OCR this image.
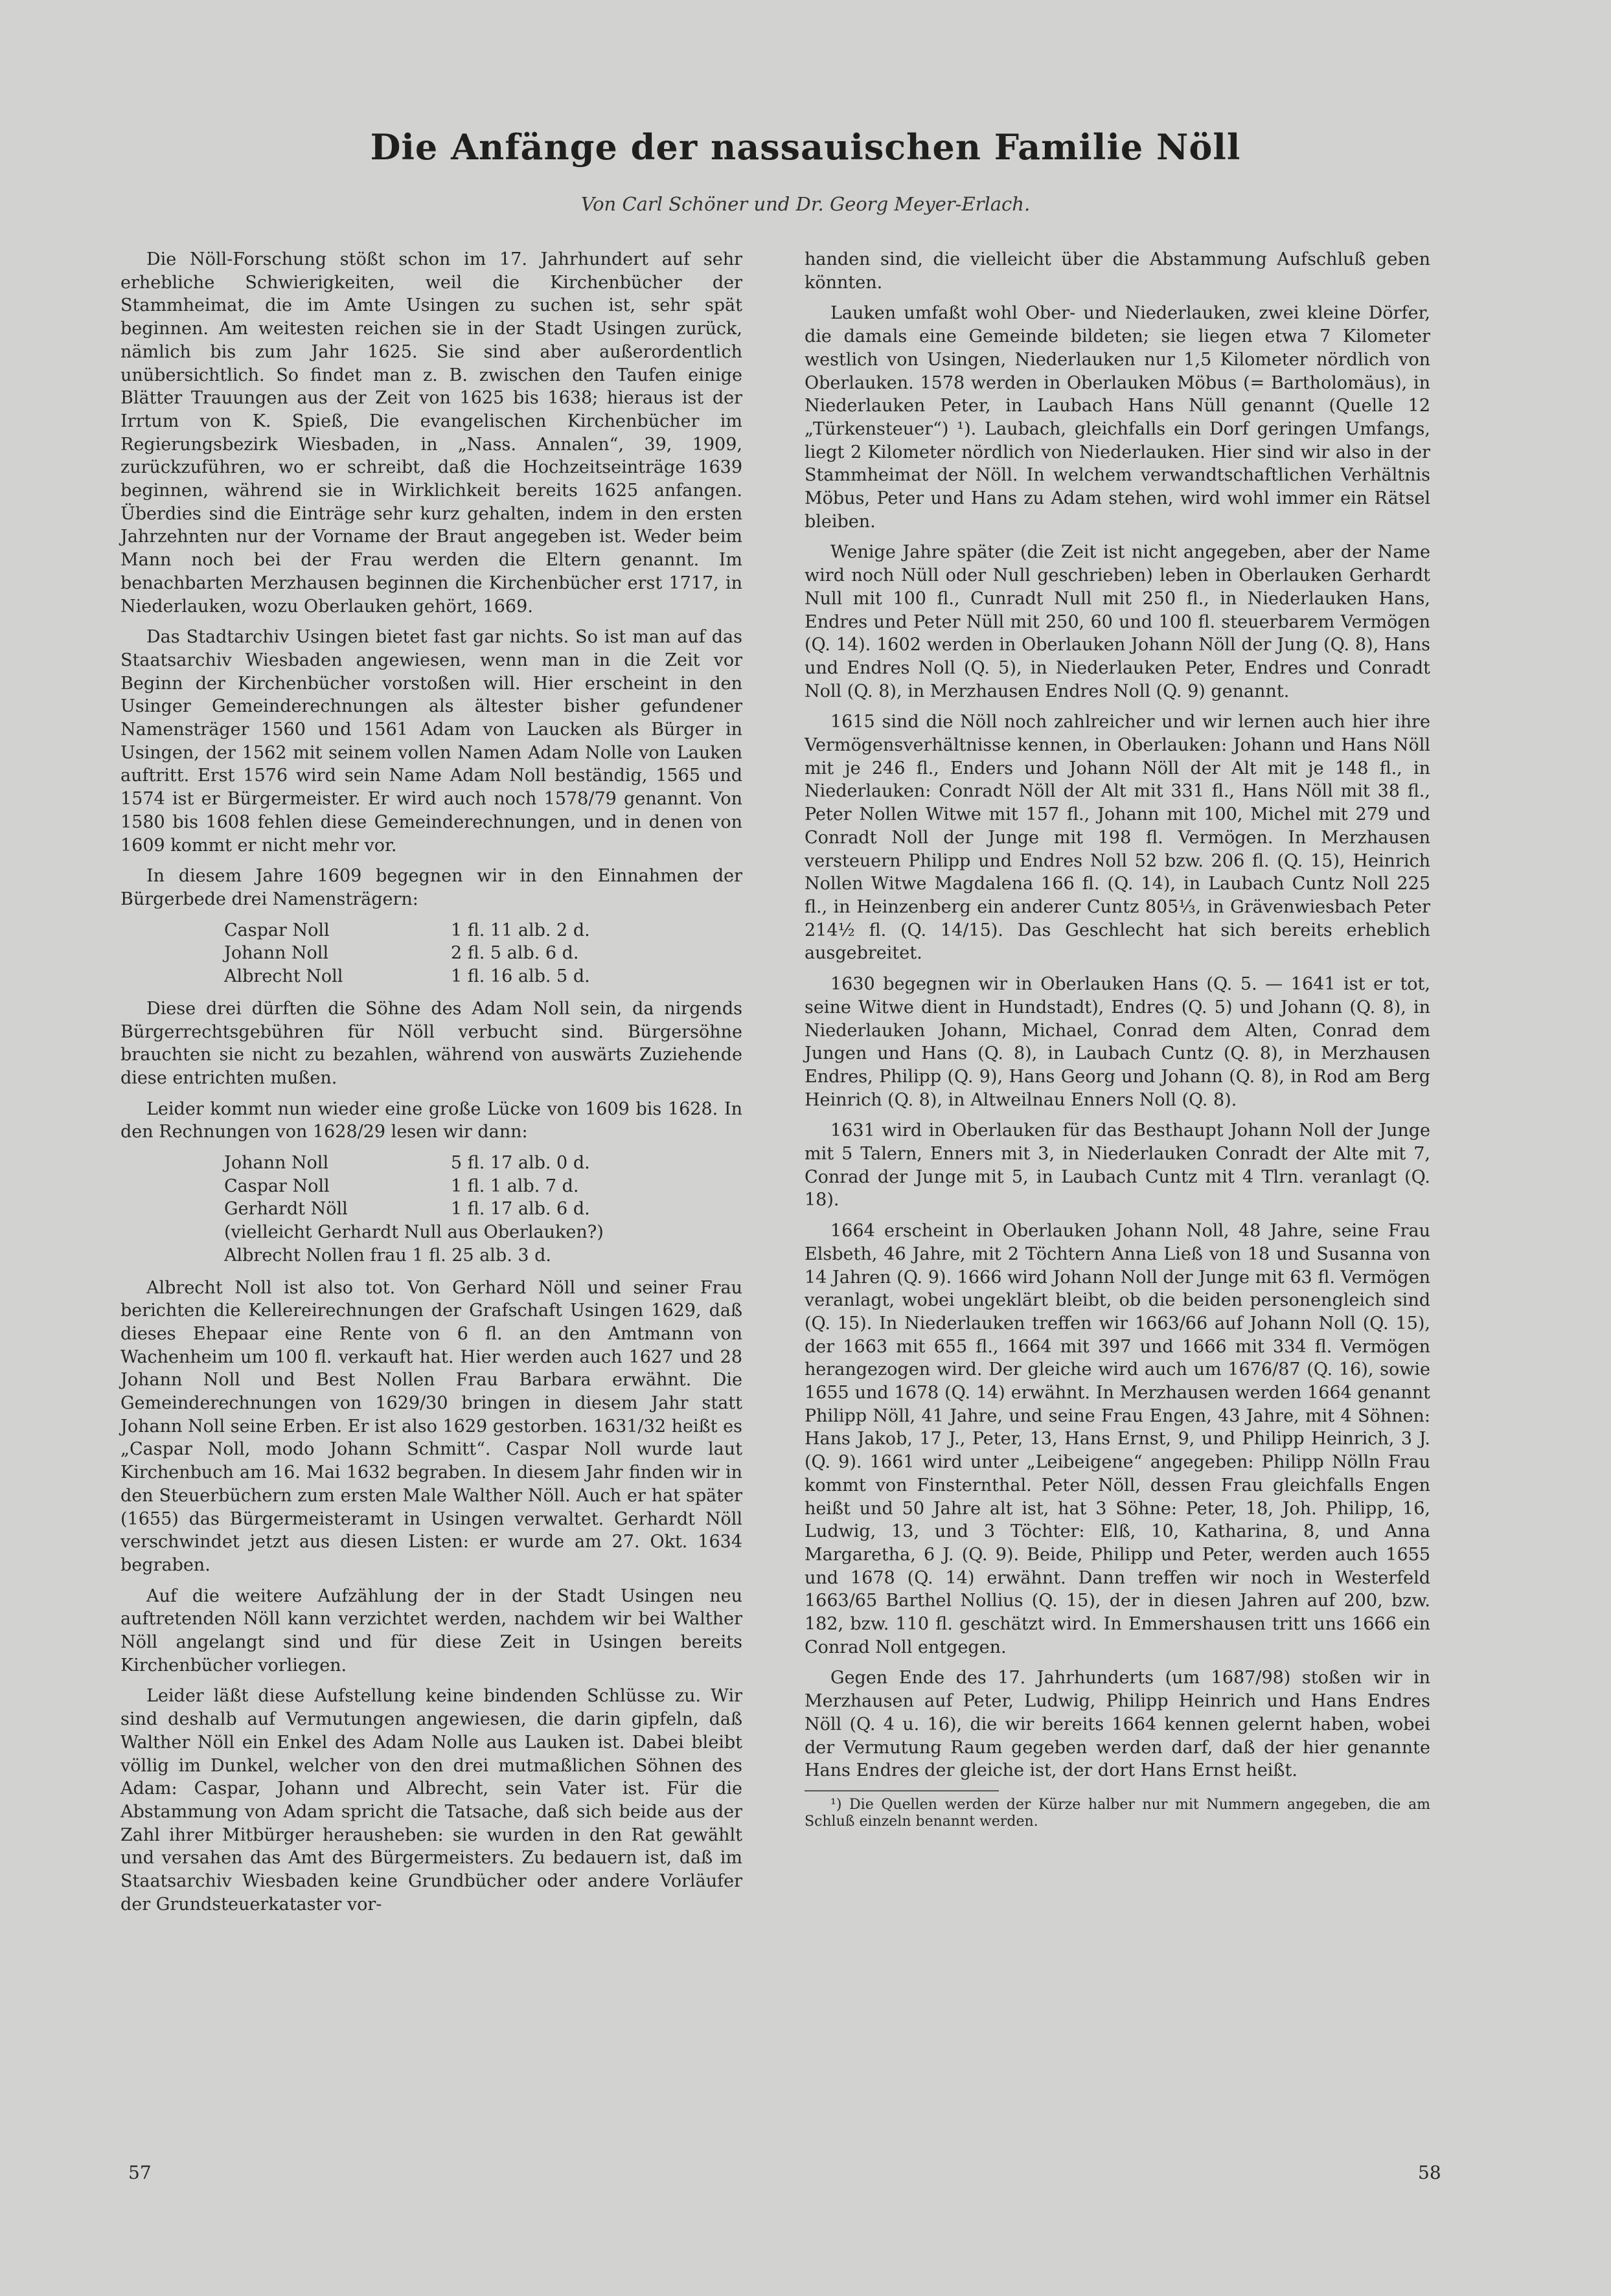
Die Anfänge der nassauischen Familie Nöll

Von Carl Schöner und Dr. Georg Meyer-Erlach.

Die Nöll-Forschung stößt schon im 17. Jahrhundert auf sehr erhebliche Schwierigkeiten, weil die Kirchenbücher der Stammheimat, die im Amte Usingen zu suchen ist, sehr spät beginnen. Am weitesten reichen sie in der Stadt Usingen zurück, nämlich bis zum Jahr 1625. Sie sind aber außerordentlich unübersichtlich. So findet man z. B. zwischen den Taufen einige Blätter Trauungen aus der Zeit von 1625 bis 1638; hieraus ist der Irrtum von K. Spieß, Die evangelischen Kirchenbücher im Regierungsbezirk Wiesbaden, in „Nass. Annalen“, 39, 1909, zurückzuführen, wo er schreibt, daß die Hochzeitseinträge 1639 beginnen, während sie in Wirklichkeit bereits 1625 anfangen. Überdies sind die Einträge sehr kurz gehalten, indem in den ersten Jahrzehnten nur der Vorname der Braut angegeben ist. Weder beim Mann noch bei der Frau werden die Eltern genannt. Im benachbarten Merzhausen beginnen die Kirchenbücher erst 1717, in Niederlauken, wozu Oberlauken gehört, 1669.

Das Stadtarchiv Usingen bietet fast gar nichts. So ist man auf das Staatsarchiv Wiesbaden angewiesen, wenn man in die Zeit vor Beginn der Kirchenbücher vorstoßen will. Hier erscheint in den Usinger Gemeinderechnungen als ältester bisher gefundener Namensträger 1560 und 1561 Adam von Laucken als Bürger in Usingen, der 1562 mit seinem vollen Namen Adam Nolle von Lauken auftritt. Erst 1576 wird sein Name Adam Noll beständig, 1565 und 1574 ist er Bürgermeister. Er wird auch noch 1578/79 genannt. Von 1580 bis 1608 fehlen diese Gemeinderechnungen, und in denen von 1609 kommt er nicht mehr vor.

In diesem Jahre 1609 begegnen wir in den Einnahmen der Bürgerbede drei Namensträgern:

Caspar Noll	1 fl. 11 alb. 2 d.
Johann Noll	2 fl. 5 alb. 6 d.
Albrecht Noll	1 fl. 16 alb. 5 d.

Diese drei dürften die Söhne des Adam Noll sein, da nirgends Bürgerrechtsgebühren für Nöll verbucht sind. Bürgersöhne brauchten sie nicht zu bezahlen, während von auswärts Zuziehende diese entrichten mußen.

Leider kommt nun wieder eine große Lücke von 1609 bis 1628. In den Rechnungen von 1628/29 lesen wir dann:

Johann Noll	5 fl. 17 alb. 0 d.
Caspar Noll	1 fl. 1 alb. 7 d.
Gerhardt Nöll	1 fl. 17 alb. 6 d.
(vielleicht Gerhardt Null aus Oberlauken?)
Albrecht Nollen frau 1 fl. 25 alb. 3 d.

Albrecht Noll ist also tot. Von Gerhard Nöll und seiner Frau berichten die Kellereirechnungen der Grafschaft Usingen 1629, daß dieses Ehepaar eine Rente von 6 fl. an den Amtmann von Wachenheim um 100 fl. verkauft hat. Hier werden auch 1627 und 28 Johann Noll und Best Nollen Frau Barbara erwähnt. Die Gemeinderechnungen von 1629/30 bringen in diesem Jahr statt Johann Noll seine Erben. Er ist also 1629 gestorben. 1631/32 heißt es „Caspar Noll, modo Johann Schmitt“. Caspar Noll wurde laut Kirchenbuch am 16. Mai 1632 begraben. In diesem Jahr finden wir in den Steuerbüchern zum ersten Male Walther Nöll. Auch er hat später (1655) das Bürgermeisteramt in Usingen verwaltet. Gerhardt Nöll verschwindet jetzt aus diesen Listen: er wurde am 27. Okt. 1634 begraben.

Auf die weitere Aufzählung der in der Stadt Usingen neu auftretenden Nöll kann verzichtet werden, nachdem wir bei Walther Nöll angelangt sind und für diese Zeit in Usingen bereits Kirchenbücher vorliegen.

Leider läßt diese Aufstellung keine bindenden Schlüsse zu. Wir sind deshalb auf Vermutungen angewiesen, die darin gipfeln, daß Walther Nöll ein Enkel des Adam Nolle aus Lauken ist. Dabei bleibt völlig im Dunkel, welcher von den drei mutmaßlichen Söhnen des Adam: Caspar, Johann und Albrecht, sein Vater ist. Für die Abstammung von Adam spricht die Tatsache, daß sich beide aus der Zahl ihrer Mitbürger herausheben: sie wurden in den Rat gewählt und versahen das Amt des Bürgermeisters. Zu bedauern ist, daß im Staatsarchiv Wiesbaden keine Grundbücher oder andere Vorläufer der Grundsteuerkataster vor-

handen sind, die vielleicht über die Abstammung Aufschluß geben könnten.

Lauken umfaßt wohl Ober- und Niederlauken, zwei kleine Dörfer, die damals eine Gemeinde bildeten; sie liegen etwa 7 Kilometer westlich von Usingen, Niederlauken nur 1,5 Kilometer nördlich von Oberlauken. 1578 werden in Oberlauken Möbus (= Bartholomäus), in Niederlauken Peter, in Laubach Hans Nüll genannt (Quelle 12 „Türkensteuer“) ¹). Laubach, gleichfalls ein Dorf geringen Umfangs, liegt 2 Kilometer nördlich von Niederlauken. Hier sind wir also in der Stammheimat der Nöll. In welchem verwandtschaftlichen Verhältnis Möbus, Peter und Hans zu Adam stehen, wird wohl immer ein Rätsel bleiben.

Wenige Jahre später (die Zeit ist nicht angegeben, aber der Name wird noch Nüll oder Null geschrieben) leben in Oberlauken Gerhardt Null mit 100 fl., Cunradt Null mit 250 fl., in Niederlauken Hans, Endres und Peter Nüll mit 250, 60 und 100 fl. steuerbarem Vermögen (Q. 14). 1602 werden in Oberlauken Johann Nöll der Jung (Q. 8), Hans und Endres Noll (Q. 5), in Niederlauken Peter, Endres und Conradt Noll (Q. 8), in Merzhausen Endres Noll (Q. 9) genannt.

1615 sind die Nöll noch zahlreicher und wir lernen auch hier ihre Vermögensverhältnisse kennen, in Oberlauken: Johann und Hans Nöll mit je 246 fl., Enders und Johann Nöll der Alt mit je 148 fl., in Niederlauken: Conradt Nöll der Alt mit 331 fl., Hans Nöll mit 38 fl., Peter Nollen Witwe mit 157 fl., Johann mit 100, Michel mit 279 und Conradt Noll der Junge mit 198 fl. Vermögen. In Merzhausen versteuern Philipp und Endres Noll 52 bzw. 206 fl. (Q. 15), Heinrich Nollen Witwe Magdalena 166 fl. (Q. 14), in Laubach Cuntz Noll 225 fl., in Heinzenberg ein anderer Cuntz 805⅓, in Grävenwiesbach Peter 214½ fl. (Q. 14/15). Das Geschlecht hat sich bereits erheblich ausgebreitet.

1630 begegnen wir in Oberlauken Hans (Q. 5. — 1641 ist er tot, seine Witwe dient in Hundstadt), Endres (Q. 5) und Johann (Q. 8), in Niederlauken Johann, Michael, Conrad dem Alten, Conrad dem Jungen und Hans (Q. 8), in Laubach Cuntz (Q. 8), in Merzhausen Endres, Philipp (Q. 9), Hans Georg und Johann (Q. 8), in Rod am Berg Heinrich (Q. 8), in Altweilnau Enners Noll (Q. 8).

1631 wird in Oberlauken für das Besthaupt Johann Noll der Junge mit 5 Talern, Enners mit 3, in Niederlauken Conradt der Alte mit 7, Conrad der Junge mit 5, in Laubach Cuntz mit 4 Tlrn. veranlagt (Q. 18).

1664 erscheint in Oberlauken Johann Noll, 48 Jahre, seine Frau Elsbeth, 46 Jahre, mit 2 Töchtern Anna Ließ von 18 und Susanna von 14 Jahren (Q. 9). 1666 wird Johann Noll der Junge mit 63 fl. Vermögen veranlagt, wobei ungeklärt bleibt, ob die beiden personengleich sind (Q. 15). In Niederlauken treffen wir 1663/66 auf Johann Noll (Q. 15), der 1663 mit 655 fl., 1664 mit 397 und 1666 mit 334 fl. Vermögen herangezogen wird. Der gleiche wird auch um 1676/87 (Q. 16), sowie 1655 und 1678 (Q. 14) erwähnt. In Merzhausen werden 1664 genannt Philipp Nöll, 41 Jahre, und seine Frau Engen, 43 Jahre, mit 4 Söhnen: Hans Jakob, 17 J., Peter, 13, Hans Ernst, 9, und Philipp Heinrich, 3 J. (Q. 9). 1661 wird unter „Leibeigene“ angegeben: Philipp Nölln Frau kommt von Finsternthal. Peter Nöll, dessen Frau gleichfalls Engen heißt und 50 Jahre alt ist, hat 3 Söhne: Peter, 18, Joh. Philipp, 16, Ludwig, 13, und 3 Töchter: Elß, 10, Katharina, 8, und Anna Margaretha, 6 J. (Q. 9). Beide, Philipp und Peter, werden auch 1655 und 1678 (Q. 14) erwähnt. Dann treffen wir noch in Westerfeld 1663/65 Barthel Nollius (Q. 15), der in diesen Jahren auf 200, bzw. 182, bzw. 110 fl. geschätzt wird. In Emmershausen tritt uns 1666 ein Conrad Noll entgegen.

Gegen Ende des 17. Jahrhunderts (um 1687/98) stoßen wir in Merzhausen auf Peter, Ludwig, Philipp Heinrich und Hans Endres Nöll (Q. 4 u. 16), die wir bereits 1664 kennen gelernt haben, wobei der Vermutung Raum gegeben werden darf, daß der hier genannte Hans Endres der gleiche ist, der dort Hans Ernst heißt.

¹) Die Quellen werden der Kürze halber nur mit Nummern angegeben, die am Schluß einzeln benannt werden.

57	58
